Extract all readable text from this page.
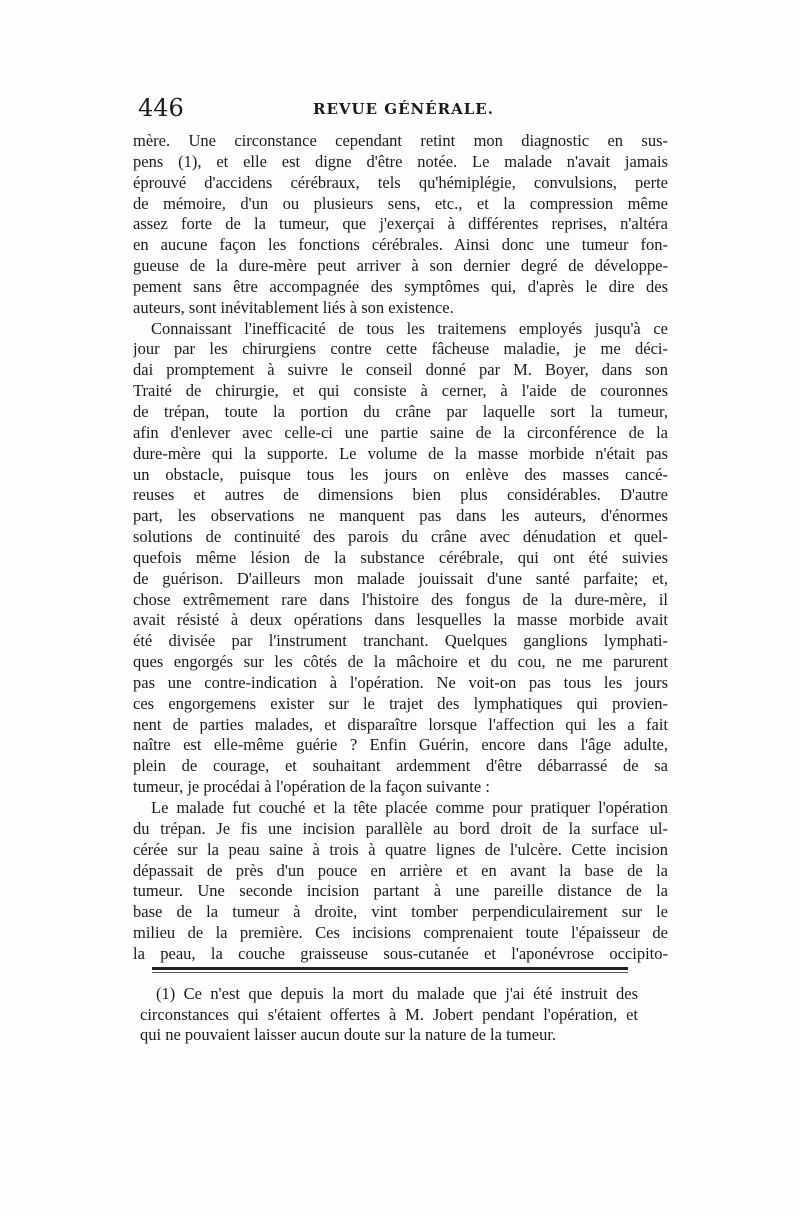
446	REVUE GÉNÉRALE.
mère. Une circonstance cependant retint mon diagnostic en sus-
pens (1), et elle est digne d'être notée. Le malade n'avait jamais
éprouvé d'accidens cérébraux, tels qu'hémiplégie, convulsions, perte
de mémoire, d'un ou plusieurs sens, etc., et la compression même
assez forte de la tumeur, que j'exerçai à différentes reprises, n'altéra
en aucune façon les fonctions cérébrales. Ainsi donc une tumeur fon-
gueuse de la dure-mère peut arriver à son dernier degré de développe-
pement sans être accompagnée des symptômes qui, d'après le dire des
auteurs, sont inévitablement liés à son existence.
Connaissant l'inefficacité de tous les traitemens employés jusqu'à ce
jour par les chirurgiens contre cette fâcheuse maladie, je me déci-
dai promptement à suivre le conseil donné par M. Boyer, dans son
Traité de chirurgie, et qui consiste à cerner, à l'aide de couronnes
de trépan, toute la portion du crâne par laquelle sort la tumeur,
afin d'enlever avec celle-ci une partie saine de la circonférence de la
dure-mère qui la supporte. Le volume de la masse morbide n'était pas
un obstacle, puisque tous les jours on enlève des masses cancé-
reuses et autres de dimensions bien plus considérables. D'autre
part, les observations ne manquent pas dans les auteurs, d'énormes
solutions de continuité des parois du crâne avec dénudation et quel-
quefois même lésion de la substance cérébrale, qui ont été suivies
de guérison. D'ailleurs mon malade jouissait d'une santé parfaite; et,
chose extrêmement rare dans l'histoire des fongus de la dure-mère, il
avait résisté à deux opérations dans lesquelles la masse morbide avait
été divisée par l'instrument tranchant. Quelques ganglions lymphati-
ques engorgés sur les côtés de la mâchoire et du cou, ne me parurent
pas une contre-indication à l'opération. Ne voit-on pas tous les jours
ces engorgemens exister sur le trajet des lymphatiques qui provien-
nent de parties malades, et disparaître lorsque l'affection qui les a fait
naître est elle-même guérie ? Enfin Guérin, encore dans l'âge adulte,
plein de courage, et souhaitant ardemment d'être débarrassé de sa
tumeur, je procédai à l'opération de la façon suivante :
Le malade fut couché et la tête placée comme pour pratiquer l'opération
du trépan. Je fis une incision parallèle au bord droit de la surface ul-
cérée sur la peau saine à trois à quatre lignes de l'ulcère. Cette incision
dépassait de près d'un pouce en arrière et en avant la base de la
tumeur. Une seconde incision partant à une pareille distance de la
base de la tumeur à droite, vint tomber perpendiculairement sur le
milieu de la première. Ces incisions comprenaient toute l'épaisseur de
la peau, la couche graisseuse sous-cutanée et l'aponévrose occipito-
(1) Ce n'est que depuis la mort du malade que j'ai été instruit des
circonstances qui s'étaient offertes à M. Jobert pendant l'opération, et
qui ne pouvaient laisser aucun doute sur la nature de la tumeur.
